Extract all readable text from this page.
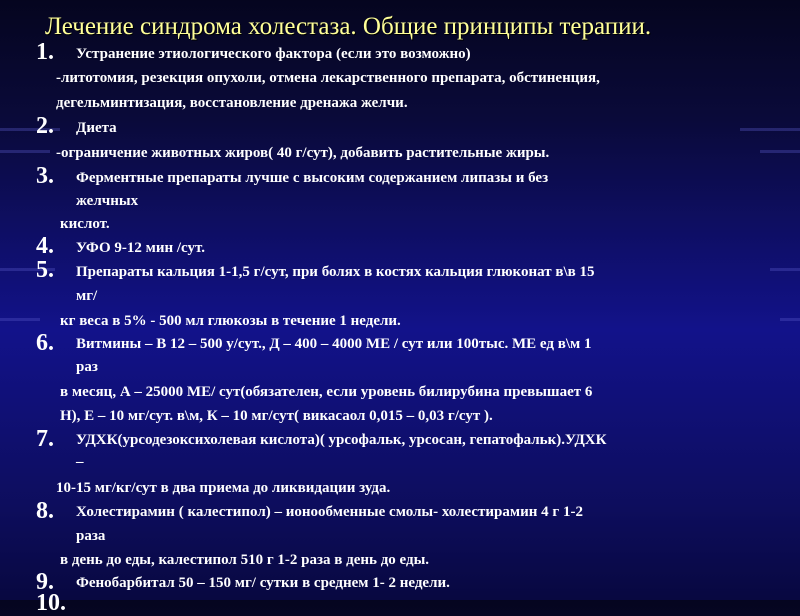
Лечение синдрома холестаза. Общие принципы терапии.
1. Устранение этиологического фактора (если это возможно)
-литотомия, резекция опухоли, отмена лекарственного препарата, обстиненция,
дегельминтизация, восстановление дренажа желчи.
2. Диета
-ограничение животных жиров( 40 г/сут), добавить растительные жиры.
3. Ферментные препараты лучше с высоким содержанием липазы и без
желчных
кислот.
4. УФО 9-12 мин /сут.
5. Препараты кальция 1-1,5 г/сут, при болях в костях кальция глюконат в\в 15
мг/
кг веса в 5% - 500 мл глюкозы в течение 1 недели.
6. Витмины – В 12 – 500 у/сут., Д – 400 – 4000 МЕ / сут или 100тыс. МЕ ед в\м 1
раз
в месяц, А – 25000 МЕ/ сут(обязателен, если уровень билирубина превышает 6
Н), Е – 10 мг/сут. в\м, К – 10 мг/сут( викасаол 0,015 – 0,03 г/сут ).
7. УДХК(урсодезоксихолевая кислота)( урсофальк, урсосан, гепатофальк).УДХК
–
10-15 мг/кг/сут в два приема до ликвидации зуда.
8. Холестирамин ( калестипол) – ионообменные смолы- холестирамин 4 г 1-2
раза
в день до еды, калестипол 510 г 1-2 раза в день до еды.
9. Фенобарбитал 50 – 150 мг/ сутки в среднем 1- 2 недели.
10.
